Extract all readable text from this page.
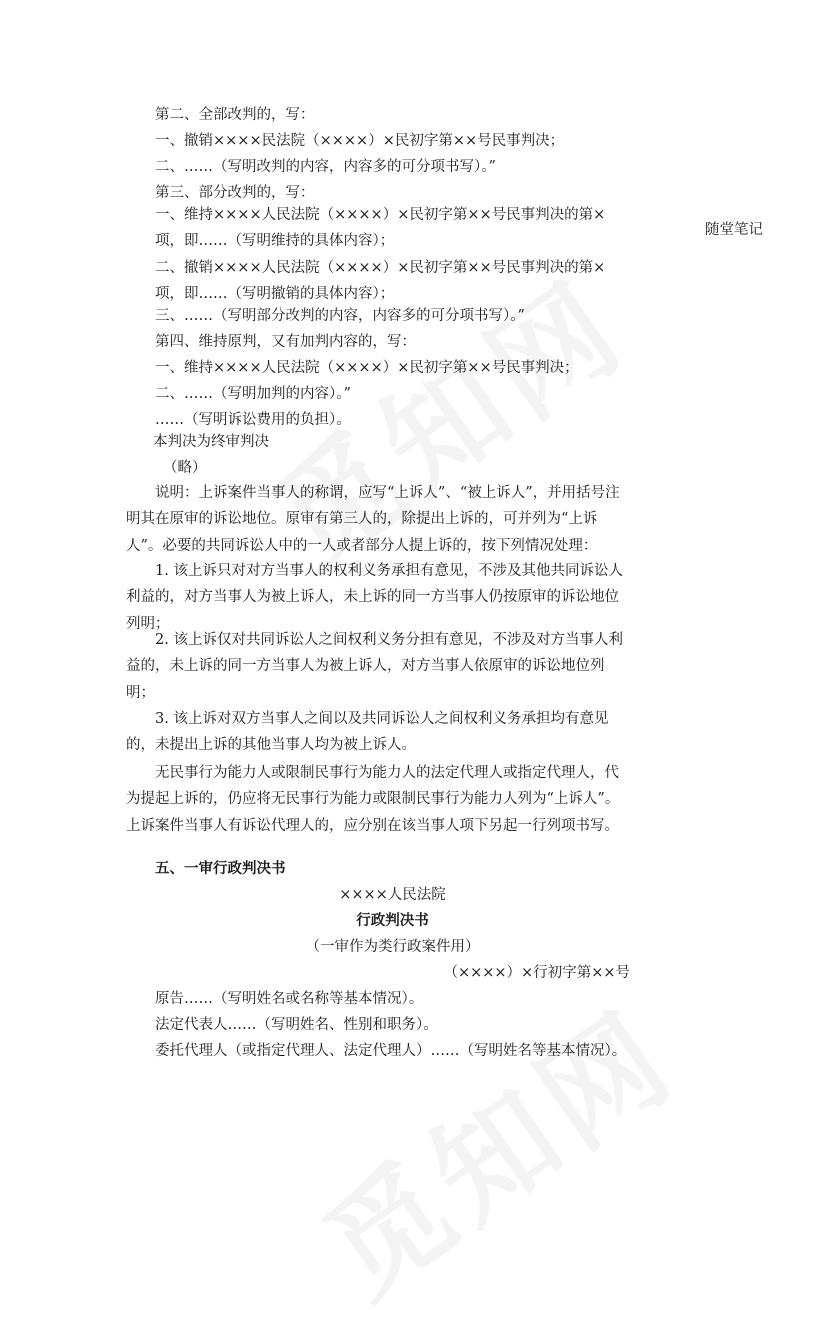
随堂笔记
第二、全部改判的，写：
一、撤销××××民法院（××××）×民初字第××号民事判决；
二、……（写明改判的内容，内容多的可分项书写）。”
第三、部分改判的，写：
一、维持××××人民法院（××××）×民初字第××号民事判决的第×项，即……（写明维持的具体内容）；
二、撤销××××人民法院（××××）×民初字第××号民事判决的第×项，即……（写明撤销的具体内容）；
三、……（写明部分改判的内容，内容多的可分项书写）。”
第四、维持原判，又有加判内容的，写：
一、维持××××人民法院（××××）×民初字第××号民事判决；
二、……（写明加判的内容）。”
……（写明诉讼费用的负担）。
本判决为终审判决
（略）
说明：上诉案件当事人的称谓，应写“上诉人”、“被上诉人”，并用括号注明其在原审的诉讼地位。原审有第三人的，除提出上诉的，可并列为“上诉人”。必要的共同诉讼人中的一人或者部分人提上诉的，按下列情况处理：
1. 该上诉只对对方当事人的权利义务承担有意见，不涉及其他共同诉讼人利益的，对方当事人为被上诉人，未上诉的同一方当事人仍按原审的诉讼地位列明；
2. 该上诉仅对共同诉讼人之间权利义务分担有意见，不涉及对方当事人利益的，未上诉的同一方当事人为被上诉人，对方当事人依原审的诉讼地位列明；
3. 该上诉对双方当事人之间以及共同诉讼人之间权利义务承担均有意见的，未提出上诉的其他当事人均为被上诉人。
无民事行为能力人或限制民事行为能力人的法定代理人或指定代理人，代为提起上诉的，仍应将无民事行为能力或限制民事行为能力人列为“上诉人”。上诉案件当事人有诉讼代理人的，应分别在该当事人项下另起一行列项书写。
五、一审行政判决书
××××人民法院
行政判决书
（一审作为类行政案件用）
（××××）×行初字第××号
原告……（写明姓名或名称等基本情况）。
法定代表人……（写明姓名、性别和职务）。
委托代理人（或指定代理人、法定代理人）……（写明姓名等基本情况）。
